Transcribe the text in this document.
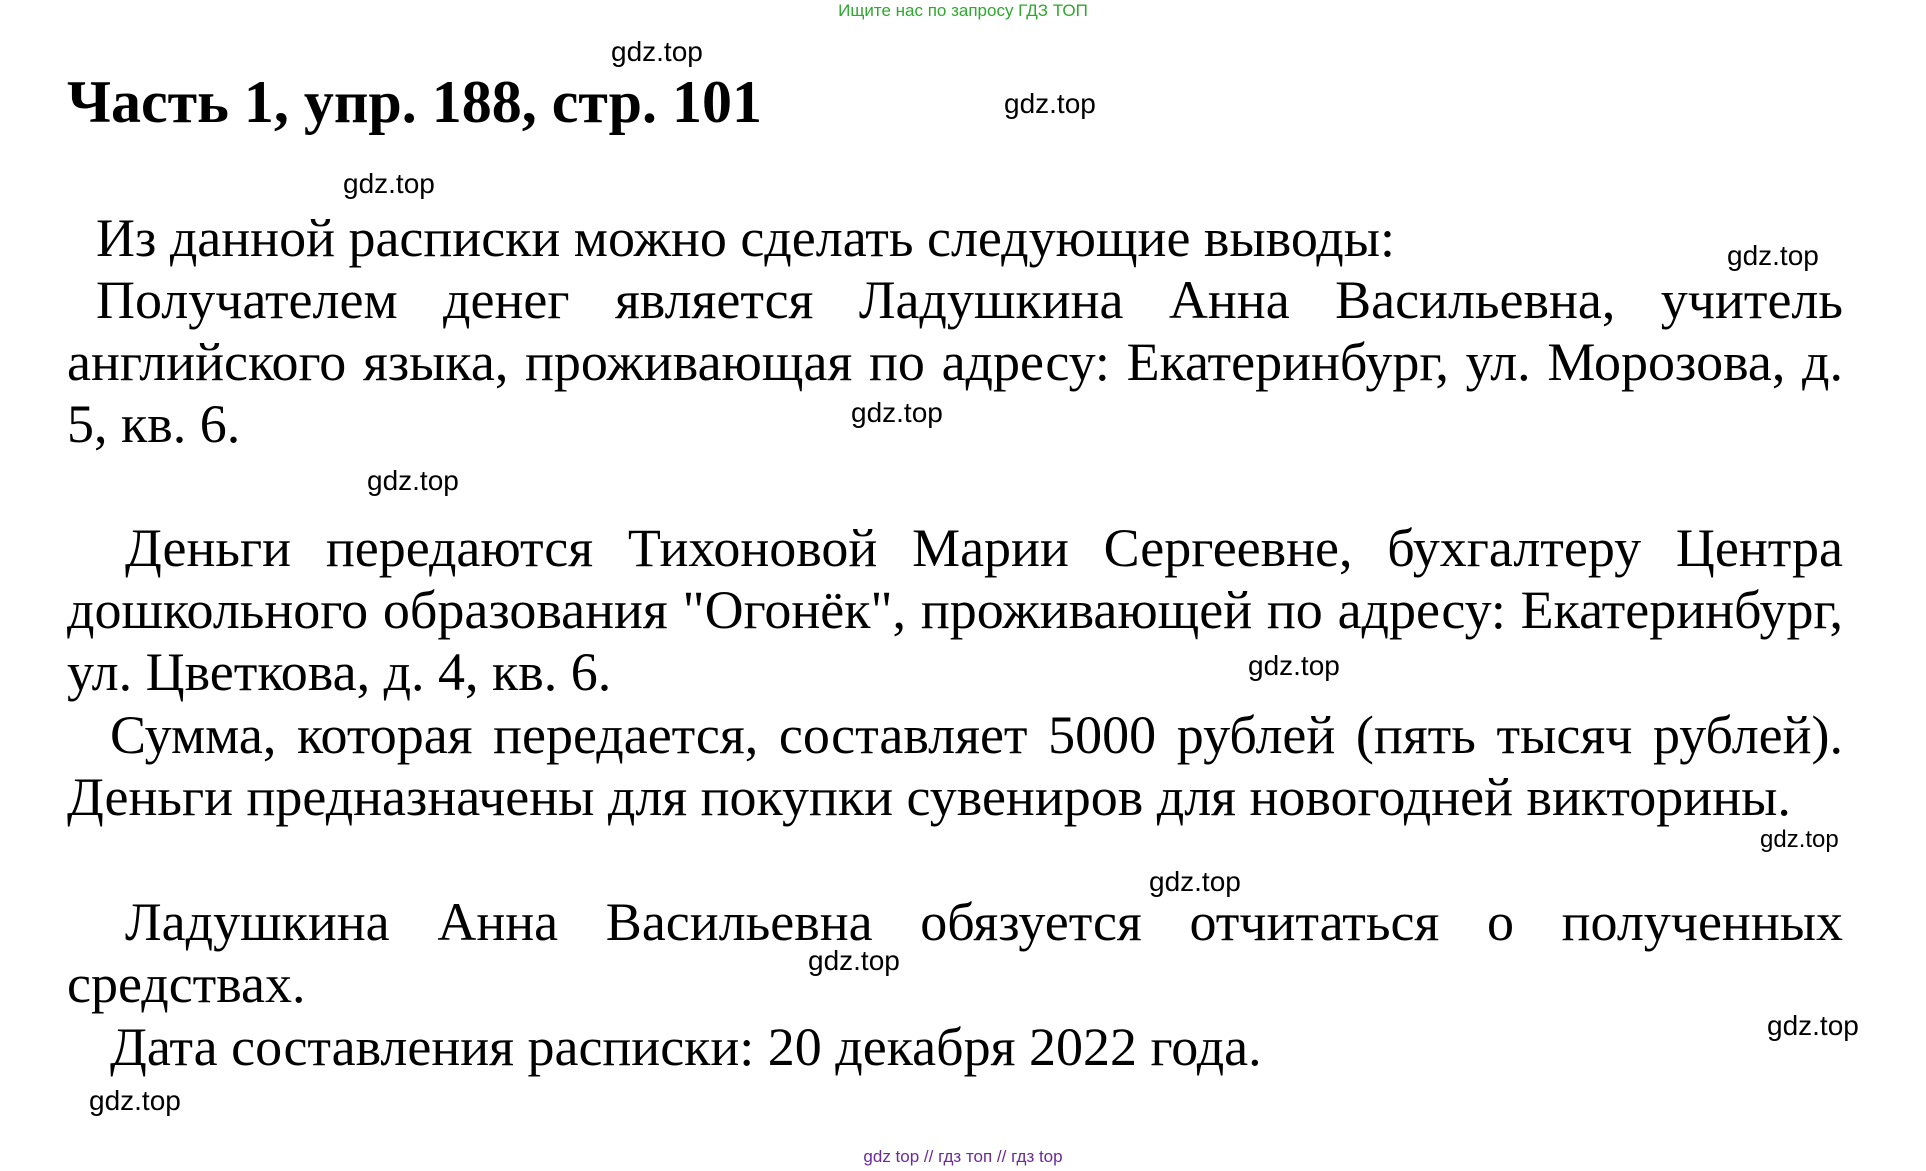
Ищите нас по запросу ГДЗ ТОП
Часть 1, упр. 188, стр. 101
Из данной расписки можно сделать следующие выводы:
Получателем денег является Ладушкина Анна Васильевна, учитель английского языка, проживающая по адресу: Екатеринбург, ул. Морозова, д. 5, кв. 6.
Деньги передаются Тихоновой Марии Сергеевне, бухгалтеру Центра дошкольного образования "Огонёк", проживающей по адресу: Екатеринбург, ул. Цветкова, д. 4, кв. 6.
Сумма, которая передается, составляет 5000 рублей (пять тысяч рублей). Деньги предназначены для покупки сувениров для новогодней викторины.
Ладушкина Анна Васильевна обязуется отчитаться о полученных средствах.
Дата составления расписки: 20 декабря 2022 года.
gdz.top
gdz.top
gdz.top
gdz.top
gdz.top
gdz.top
gdz.top
gdz.top
gdz.top
gdz.top
gdz.top
gdz.top
gdz top // гдз топ // гдз top
